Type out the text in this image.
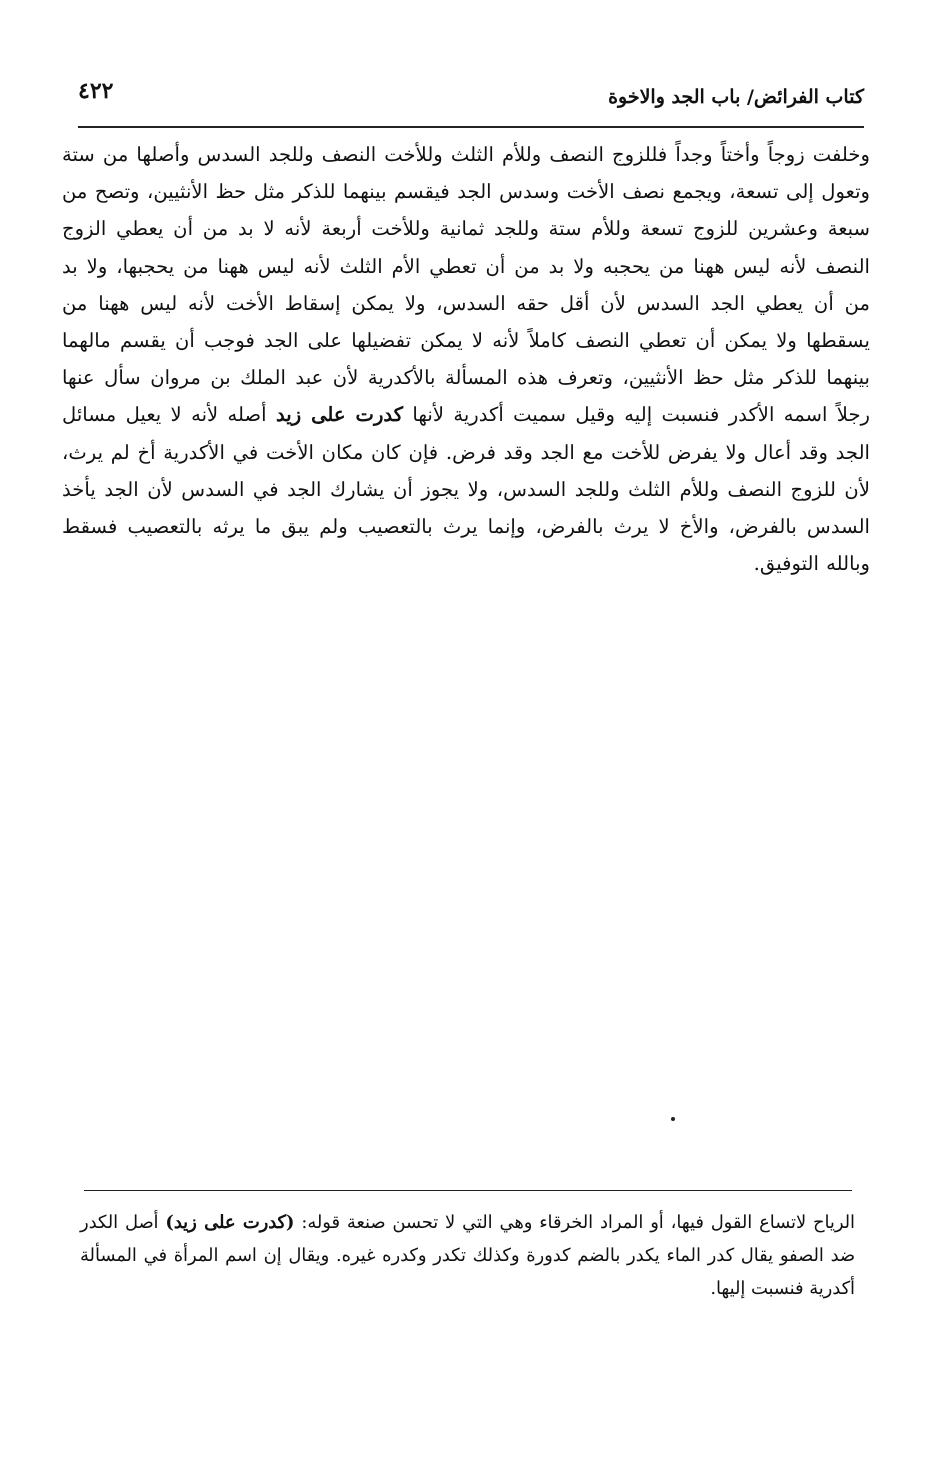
كتاب الفرائض/ باب الجد والاخوة
٤٢٢

وخلفت زوجاً وأختاً وجداً فللزوج النصف وللأم الثلث وللأخت النصف وللجد السدس وأصلها من ستة وتعول إلى تسعة، ويجمع نصف الأخت وسدس الجد فيقسم بينهما للذكر مثل حظ الأنثيين، وتصح من سبعة وعشرين للزوج تسعة وللأم ستة وللجد ثمانية وللأخت أربعة لأنه لا بد من أن يعطي الزوج النصف لأنه ليس ههنا من يحجبه ولا بد من أن تعطي الأم الثلث لأنه ليس ههنا من يحجبها، ولا بد من أن يعطي الجد السدس لأن أقل حقه السدس، ولا يمكن إسقاط الأخت لأنه ليس ههنا من يسقطها ولا يمكن أن تعطي النصف كاملاً لأنه لا يمكن تفضيلها على الجد فوجب أن يقسم مالهما بينهما للذكر مثل حظ الأنثيين، وتعرف هذه المسألة بالأكدرية لأن عبد الملك بن مروان سأل عنها رجلاً اسمه الأكدر فنسبت إليه وقيل سميت أكدرية لأنها كدرت على زيد أصله لأنه لا يعيل مسائل الجد وقد أعال ولا يفرض للأخت مع الجد وقد فرض. فإن كان مكان الأخت في الأكدرية أخ لم يرث، لأن للزوج النصف وللأم الثلث وللجد السدس، ولا يجوز أن يشارك الجد في السدس لأن الجد يأخذ السدس بالفرض، والأخ لا يرث بالفرض، وإنما يرث بالتعصيب ولم يبق ما يرثه بالتعصيب فسقط وبالله التوفيق.

الرياح لاتساع القول فيها، أو المراد الخرقاء وهي التي لا تحسن صنعة قوله: (كدرت على زيد) أصل الكدر ضد الصفو يقال كدر الماء يكدر بالضم كدورة وكذلك تكدر وكدره غيره. ويقال إن اسم المرأة في المسألة أكدرية فنسبت إليها.
